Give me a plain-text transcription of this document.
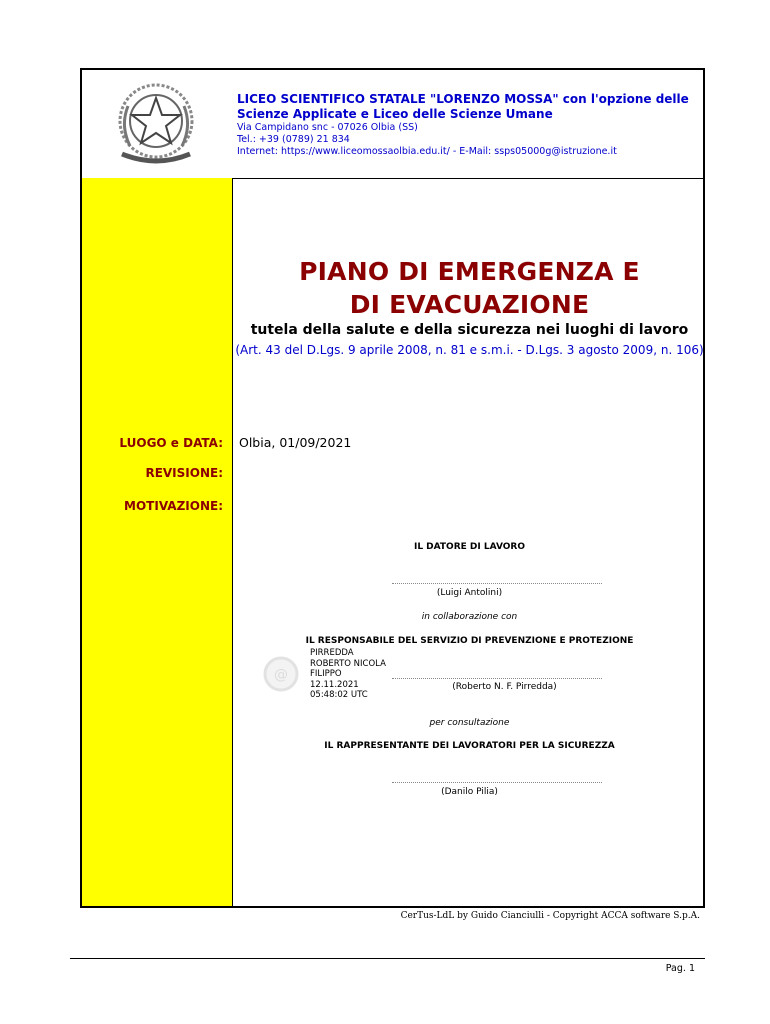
LICEO SCIENTIFICO STATALE "LORENZO MOSSA" con l'opzione delle Scienze Applicate e Liceo delle Scienze Umane
Via Campidano snc - 07026 Olbia (SS)
Tel.: +39 (0789) 21 834
Internet: https://www.liceomossaolbia.edu.it/ - E-Mail: ssps05000g@istruzione.it
PIANO DI EMERGENZA E
DI EVACUAZIONE
tutela della salute e della sicurezza nei luoghi di lavoro
(Art. 43 del D.Lgs. 9 aprile 2008, n. 81 e s.m.i. - D.Lgs. 3 agosto 2009, n. 106)
LUOGO e DATA: Olbia, 01/09/2021
REVISIONE:
MOTIVAZIONE:
IL DATORE DI LAVORO
(Luigi Antolini)
in collaborazione con
IL RESPONSABILE DEL SERVIZIO DI PREVENZIONE E PROTEZIONE
@
PIRREDDA
ROBERTO NICOLA
FILIPPO
12.11.2021
05:48:02 UTC
(Roberto N. F. Pirredda)
per consultazione
IL RAPPRESENTANTE DEI LAVORATORI PER LA SICUREZZA
(Danilo Pilia)
CerTus-LdL by Guido Cianciulli - Copyright ACCA software S.p.A.
Pag. 1
